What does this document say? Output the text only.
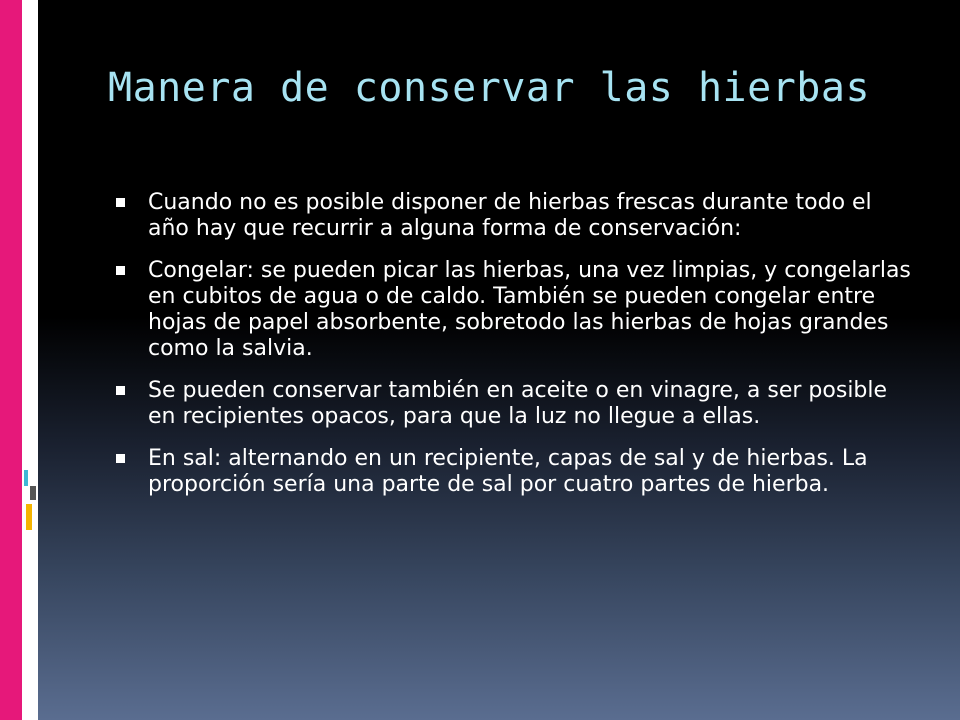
Manera de conservar las hierbas
Cuando no es posible disponer de hierbas frescas durante todo el año hay que recurrir a alguna forma de conservación:
Congelar: se pueden picar las hierbas, una vez limpias, y congelarlas en cubitos de agua o de caldo. También se pueden congelar entre hojas de papel absorbente, sobretodo las hierbas de hojas grandes como la salvia.
Se pueden conservar también en aceite o en vinagre, a ser posible en recipientes opacos, para que la luz no llegue a ellas.
En sal: alternando en un recipiente, capas de sal y de hierbas. La proporción sería una parte de sal por cuatro partes de hierba.
